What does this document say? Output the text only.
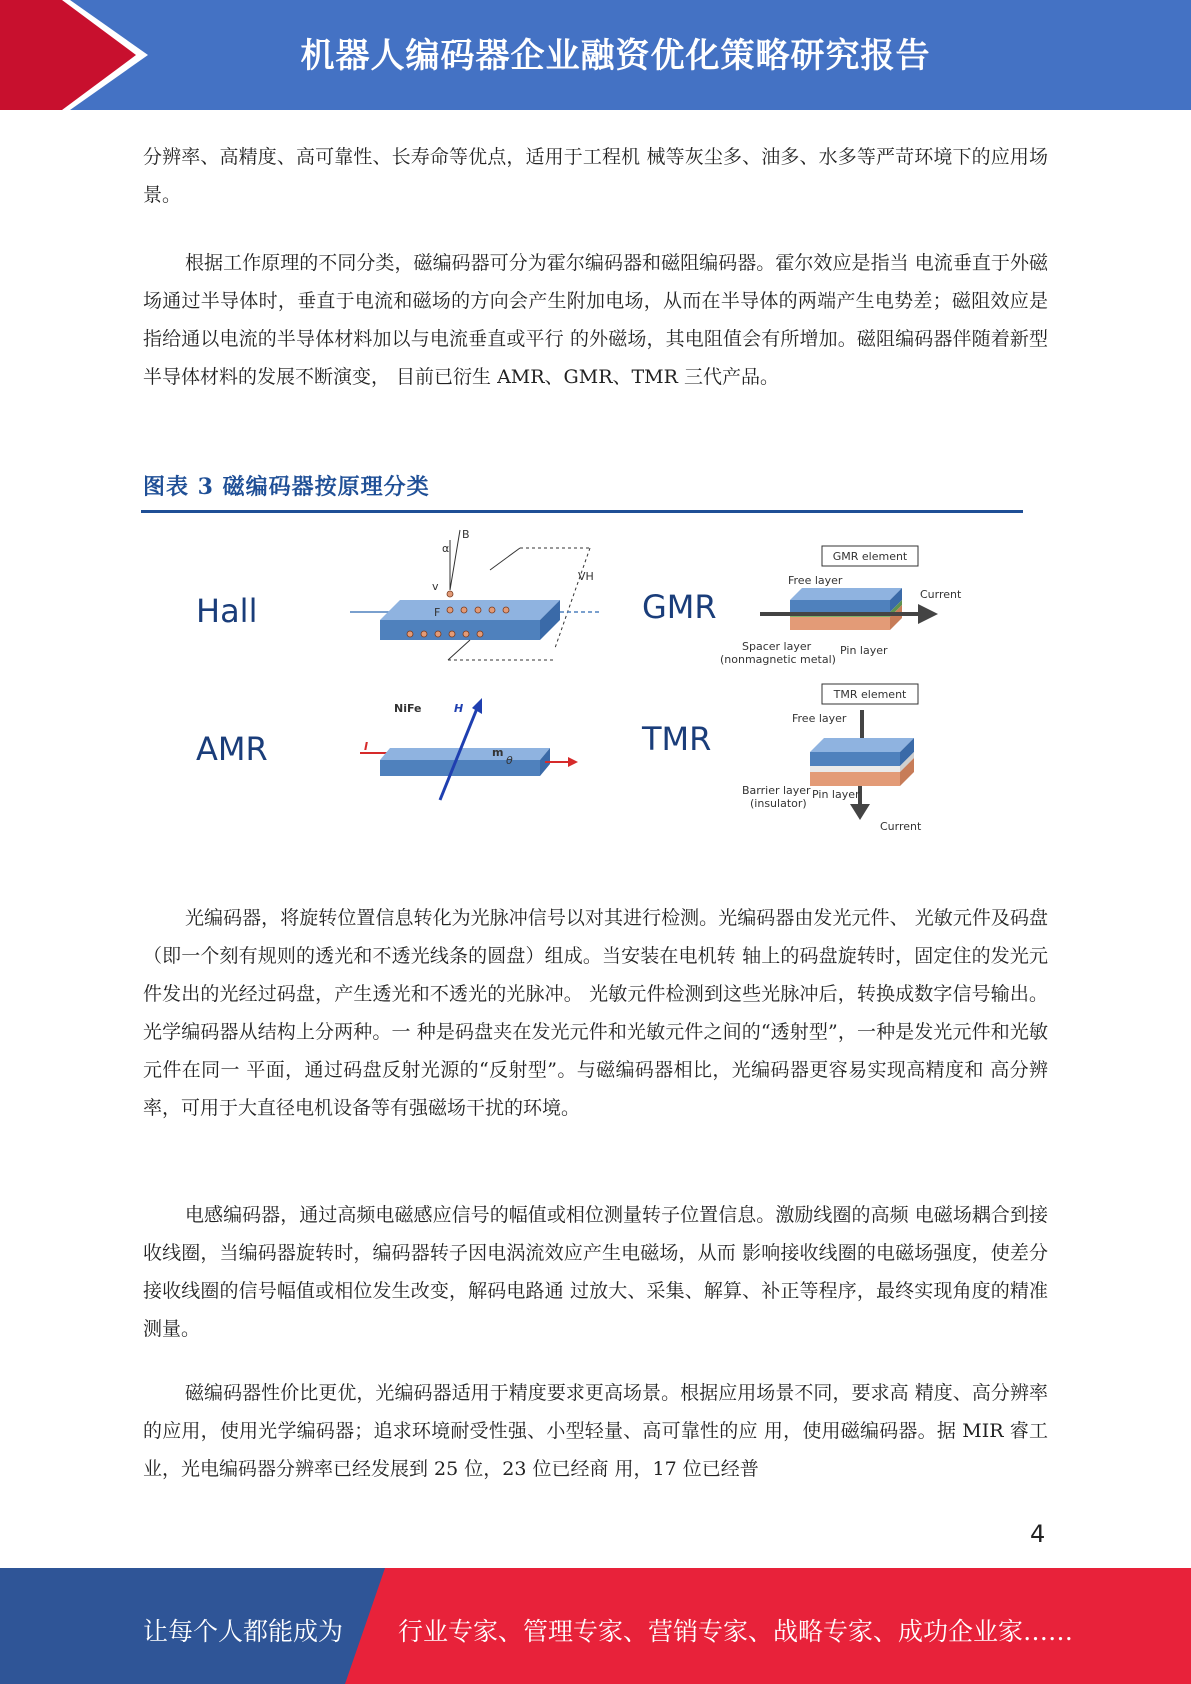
机器人编码器企业融资优化策略研究报告

分辨率、高精度、高可靠性、长寿命等优点，适用于工程机 械等灰尘多、油多、水多等严苛环境下的应用场景。

根据工作原理的不同分类，磁编码器可分为霍尔编码器和磁阻编码器。霍尔效应是指当 电流垂直于外磁场通过半导体时，垂直于电流和磁场的方向会产生附加电场，从而在半导体的两端产生电势差；磁阻效应是指给通以电流的半导体材料加以与电流垂直或平行 的外磁场，其电阻值会有所增加。磁阻编码器伴随着新型半导体材料的发展不断演变， 目前已衍生 AMR、GMR、TMR 三代产品。

图表 3 磁编码器按原理分类
Hall	GMR
AMR	TMR
B
α
v
F
VH
GMR element
Free layer
Current
Spacer layer
(nonmagnetic metal)
Pin layer
NiFe	H
I	m
θ
TMR element
Free layer
Barrier layer
(insulator)
Pin layer
Current

光编码器，将旋转位置信息转化为光脉冲信号以对其进行检测。光编码器由发光元件、 光敏元件及码盘（即一个刻有规则的透光和不透光线条的圆盘）组成。当安装在电机转 轴上的码盘旋转时，固定住的发光元件发出的光经过码盘，产生透光和不透光的光脉冲。 光敏元件检测到这些光脉冲后，转换成数字信号输出。光学编码器从结构上分两种。一 种是码盘夹在发光元件和光敏元件之间的“透射型”，一种是发光元件和光敏元件在同一 平面，通过码盘反射光源的“反射型”。与磁编码器相比，光编码器更容易实现高精度和 高分辨率，可用于大直径电机设备等有强磁场干扰的环境。

电感编码器，通过高频电磁感应信号的幅值或相位测量转子位置信息。激励线圈的高频 电磁场耦合到接收线圈，当编码器旋转时，编码器转子因电涡流效应产生电磁场，从而 影响接收线圈的电磁场强度，使差分接收线圈的信号幅值或相位发生改变，解码电路通 过放大、采集、解算、补正等程序，最终实现角度的精准测量。

磁编码器性价比更优，光编码器适用于精度要求更高场景。根据应用场景不同，要求高 精度、高分辨率的应用，使用光学编码器；追求环境耐受性强、小型轻量、高可靠性的应 用，使用磁编码器。据 MIR 睿工业，光电编码器分辨率已经发展到 25 位，23 位已经商 用，17 位已经普

4
让每个人都能成为 行业专家、管理专家、营销专家、战略专家、成功企业家……
